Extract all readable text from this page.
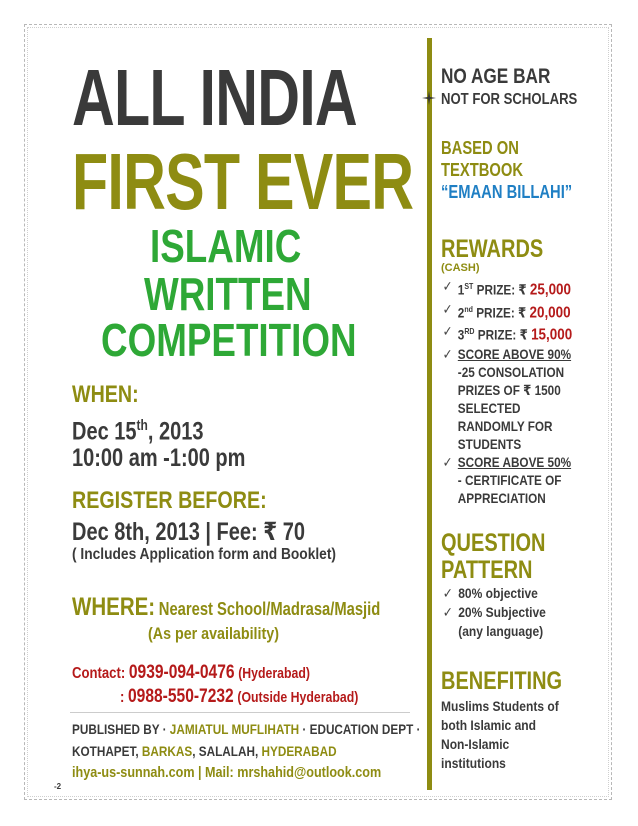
ALL INDIA
FIRST EVER
ISLAMIC
WRITTEN
COMPETITION
WHEN:
Dec 15th, 2013
10:00 am -1:00 pm
REGISTER BEFORE:
Dec 8th, 2013 | Fee: ₹ 70
( Includes Application form and Booklet)
WHERE: Nearest School/Madrasa/Masjid
(As per availability)
Contact: 0939-094-0476 (Hyderabad)
: 0988-550-7232 (Outside Hyderabad)
PUBLISHED BY · JAMIATUL MUFLIHATH · EDUCATION DEPT ·
KOTHAPET, BARKAS, SALALAH, HYDERABAD
ihya-us-sunnah.com | Mail: mrshahid@outlook.com
-2
NO AGE BAR
NOT FOR SCHOLARS
BASED ON
TEXTBOOK
“EMAAN BILLAHI”
REWARDS
(CASH)
✓ 1ST PRIZE: ₹ 25,000
✓ 2nd PRIZE: ₹ 20,000
✓ 3RD PRIZE: ₹ 15,000
✓ SCORE ABOVE 90%
-25 CONSOLATION
PRIZES OF ₹ 1500
SELECTED
RANDOMLY FOR
STUDENTS
✓ SCORE ABOVE 50%
- CERTIFICATE OF
APPRECIATION
QUESTION
PATTERN
✓ 80% objective
✓ 20% Subjective
(any language)
BENEFITING
Muslims Students of
both Islamic and
Non-Islamic
institutions
